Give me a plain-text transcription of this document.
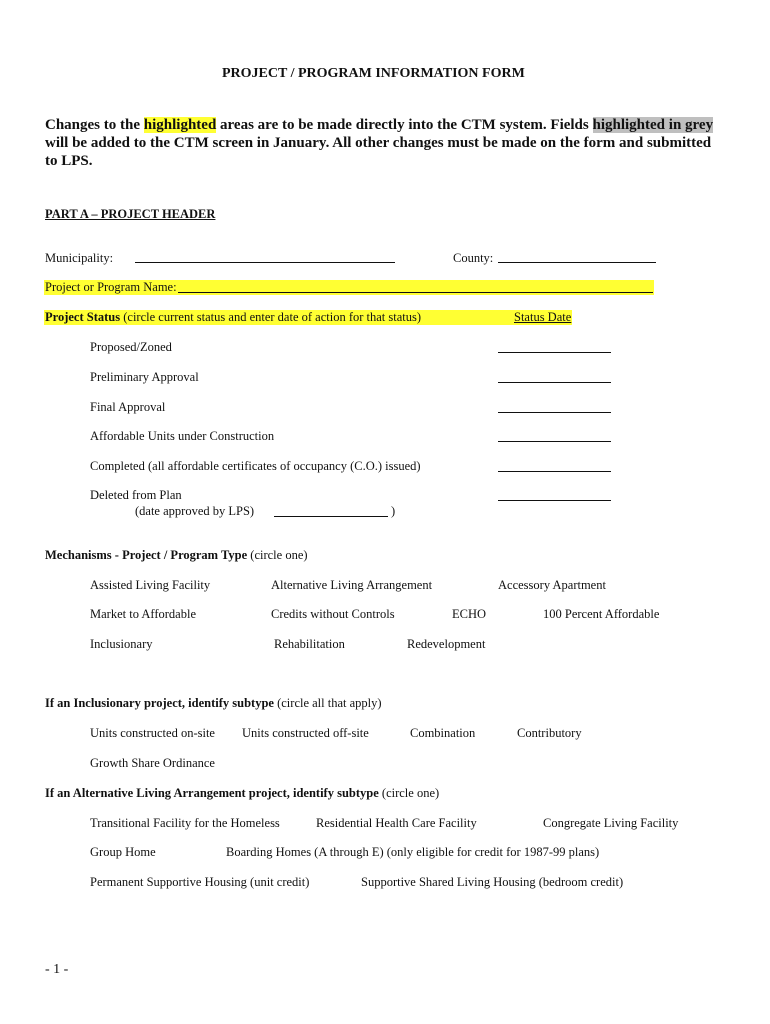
PROJECT / PROGRAM INFORMATION FORM
Changes to the highlighted areas are to be made directly into the CTM system. Fields highlighted in grey
will be added to the CTM screen in January. All other changes must be made on the form and submitted
to LPS.
PART A – PROJECT HEADER
Municipality:	County:
Project or Program Name:
Project Status (circle current status and enter date of action for that status)	Status Date
Proposed/Zoned
Preliminary Approval
Final Approval
Affordable Units under Construction
Completed (all affordable certificates of occupancy (C.O.) issued)
Deleted from Plan
(date approved by LPS)	)
Mechanisms - Project / Program Type (circle one)
Assisted Living Facility	Alternative Living Arrangement	Accessory Apartment
Market to Affordable	Credits without Controls	ECHO	100 Percent Affordable
Inclusionary	Rehabilitation	Redevelopment
If an Inclusionary project, identify subtype (circle all that apply)
Units constructed on-site Units constructed off-site	Combination	Contributory
Growth Share Ordinance
If an Alternative Living Arrangement project, identify subtype (circle one)
Transitional Facility for the Homeless	Residential Health Care Facility	Congregate Living Facility
Group Home	Boarding Homes (A through E) (only eligible for credit for 1987-99 plans)
Permanent Supportive Housing (unit credit)	Supportive Shared Living Housing (bedroom credit)
- 1 -
